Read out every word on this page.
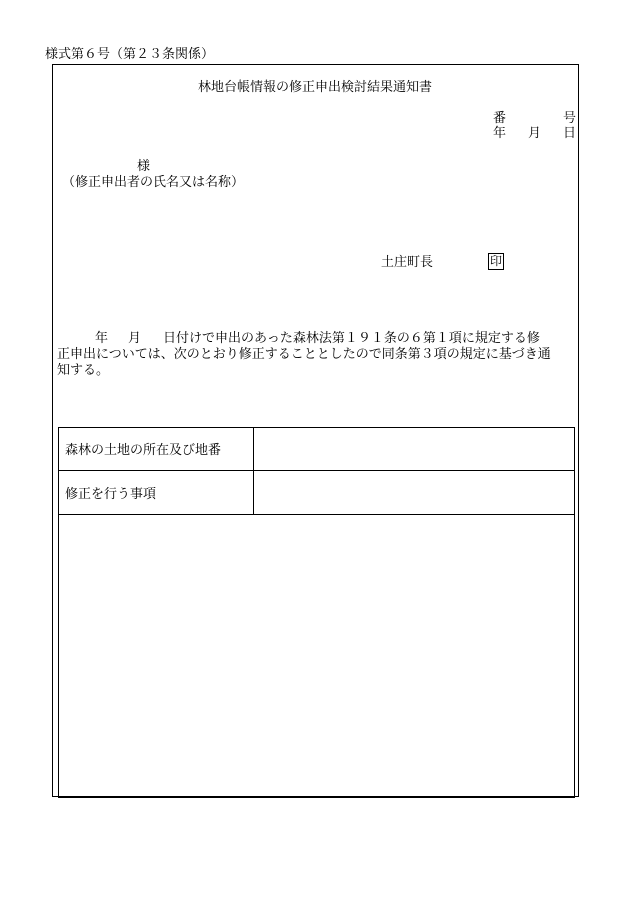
様式第６号（第２３条関係）
林地台帳情報の修正申出検討結果通知書
番	号
年 月 日
様
（修正申出者の氏名又は名称）
土庄町長	印
年 月 日付けで申出のあった森林法第１９１条の６第１項に規定する修
正申出については、次のとおり修正することとしたので同条第３項の規定に基づき通
知する。
森林の土地の所在及び地番
修正を行う事項
